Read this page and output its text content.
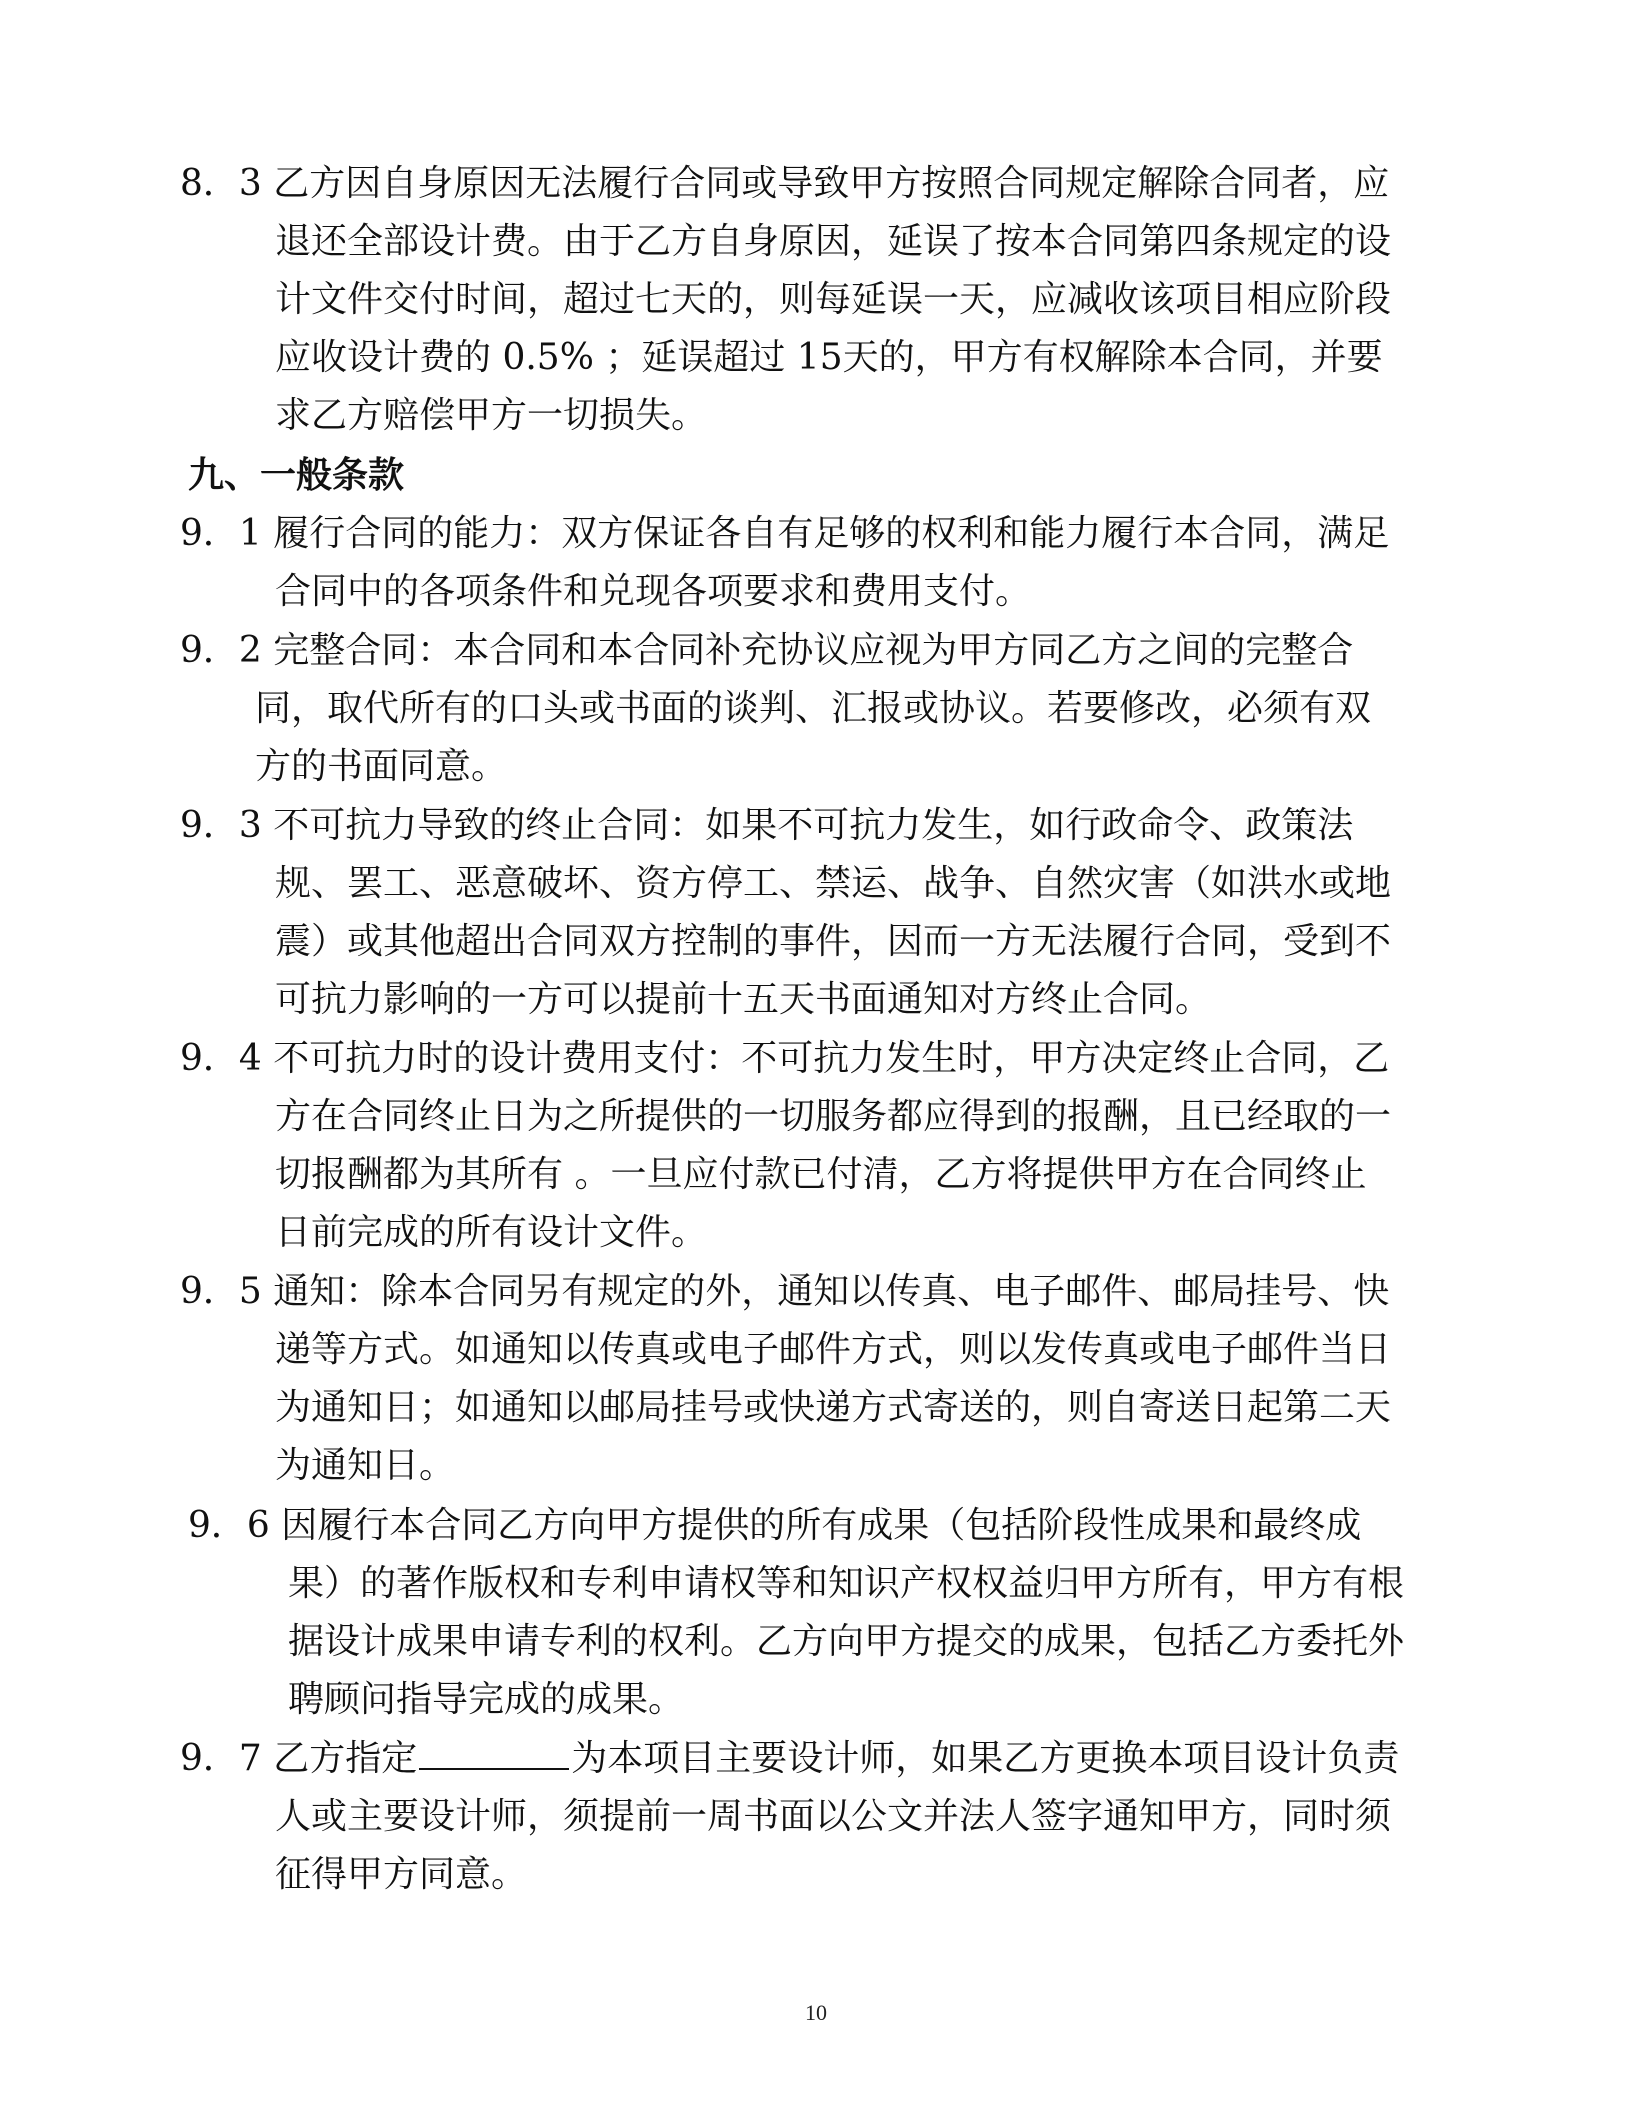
8．3 乙方因自身原因无法履行合同或导致甲方按照合同规定解除合同者，应
退还全部设计费。由于乙方自身原因，延误了按本合同第四条规定的设
计文件交付时间，超过七天的，则每延误一天，应减收该项目相应阶段
应收设计费的 0.5% ；延误超过 15天的，甲方有权解除本合同，并要
求乙方赔偿甲方一切损失。
九、一般条款
9．1 履行合同的能力：双方保证各自有足够的权利和能力履行本合同，满足
合同中的各项条件和兑现各项要求和费用支付。
9．2 完整合同：本合同和本合同补充协议应视为甲方同乙方之间的完整合
同，取代所有的口头或书面的谈判、汇报或协议。若要修改，必须有双
方的书面同意。
9．3 不可抗力导致的终止合同：如果不可抗力发生，如行政命令、政策法
规、罢工、恶意破坏、资方停工、禁运、战争、自然灾害（如洪水或地
震）或其他超出合同双方控制的事件，因而一方无法履行合同，受到不
可抗力影响的一方可以提前十五天书面通知对方终止合同。
9．4 不可抗力时的设计费用支付：不可抗力发生时，甲方决定终止合同，乙
方在合同终止日为之所提供的一切服务都应得到的报酬，且已经取的一
切报酬都为其所有 。一旦应付款已付清，乙方将提供甲方在合同终止
日前完成的所有设计文件。
9．5 通知：除本合同另有规定的外，通知以传真、电子邮件、邮局挂号、快
递等方式。如通知以传真或电子邮件方式，则以发传真或电子邮件当日
为通知日；如通知以邮局挂号或快递方式寄送的，则自寄送日起第二天
为通知日。
9．6 因履行本合同乙方向甲方提供的所有成果（包括阶段性成果和最终成
果）的著作版权和专利申请权等和知识产权权益归甲方所有，甲方有根
据设计成果申请专利的权利。乙方向甲方提交的成果，包括乙方委托外
聘顾问指导完成的成果。
9．7 乙方指定	为本项目主要设计师，如果乙方更换本项目设计负责
人或主要设计师，须提前一周书面以公文并法人签字通知甲方，同时须
征得甲方同意。
10
